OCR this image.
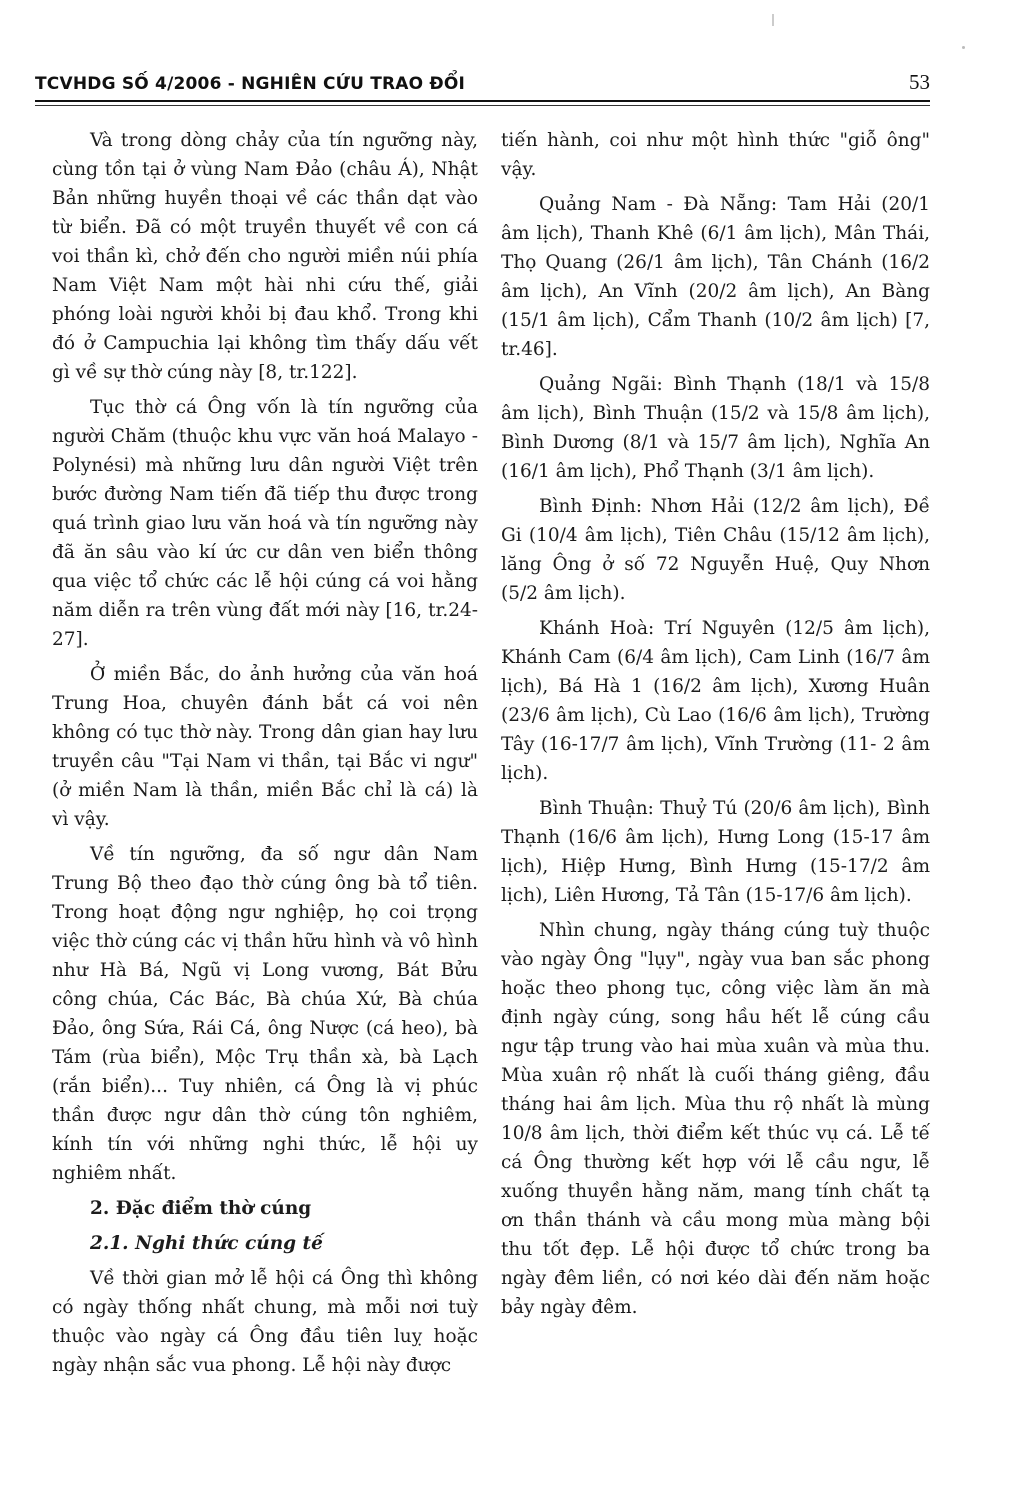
TCVHDG SỐ 4/2006 - NGHIÊN CỨU TRAO ĐỔI	53

Và trong dòng chảy của tín ngưỡng này, cùng tồn tại ở vùng Nam Đảo (châu Á), Nhật Bản những huyền thoại về các thần dạt vào từ biển. Đã có một truyền thuyết về con cá voi thần kì, chở đến cho người miền núi phía Nam Việt Nam một hài nhi cứu thế, giải phóng loài người khỏi bị đau khổ. Trong khi đó ở Campuchia lại không tìm thấy dấu vết gì về sự thờ cúng này [8, tr.122].

Tục thờ cá Ông vốn là tín ngưỡng của người Chăm (thuộc khu vực văn hoá Malayo - Polynési) mà những lưu dân người Việt trên bước đường Nam tiến đã tiếp thu được trong quá trình giao lưu văn hoá và tín ngưỡng này đã ăn sâu vào kí ức cư dân ven biển thông qua việc tổ chức các lễ hội cúng cá voi hằng năm diễn ra trên vùng đất mới này [16, tr.24-27].

Ở miền Bắc, do ảnh hưởng của văn hoá Trung Hoa, chuyên đánh bắt cá voi nên không có tục thờ này. Trong dân gian hay lưu truyền câu "Tại Nam vi thần, tại Bắc vi ngư" (ở miền Nam là thần, miền Bắc chỉ là cá) là vì vậy.

Về tín ngưỡng, đa số ngư dân Nam Trung Bộ theo đạo thờ cúng ông bà tổ tiên. Trong hoạt động ngư nghiệp, họ coi trọng việc thờ cúng các vị thần hữu hình và vô hình như Hà Bá, Ngũ vị Long vương, Bát Bửu công chúa, Các Bác, Bà chúa Xứ, Bà chúa Đảo, ông Sứa, Rái Cá, ông Nược (cá heo), bà Tám (rùa biển), Mộc Trụ thần xà, bà Lạch (rắn biển)... Tuy nhiên, cá Ông là vị phúc thần được ngư dân thờ cúng tôn nghiêm, kính tín với những nghi thức, lễ hội uy nghiêm nhất.

2. Đặc điểm thờ cúng

2.1. Nghi thức cúng tế

Về thời gian mở lễ hội cá Ông thì không có ngày thống nhất chung, mà mỗi nơi tuỳ thuộc vào ngày cá Ông đầu tiên luỵ hoặc ngày nhận sắc vua phong. Lễ hội này được

tiến hành, coi như một hình thức "giỗ ông" vậy.

Quảng Nam - Đà Nẵng: Tam Hải (20/1 âm lịch), Thanh Khê (6/1 âm lịch), Mân Thái, Thọ Quang (26/1 âm lịch), Tân Chánh (16/2 âm lịch), An Vĩnh (20/2 âm lịch), An Bàng (15/1 âm lịch), Cẩm Thanh (10/2 âm lịch) [7, tr.46].

Quảng Ngãi: Bình Thạnh (18/1 và 15/8 âm lịch), Bình Thuận (15/2 và 15/8 âm lịch), Bình Dương (8/1 và 15/7 âm lịch), Nghĩa An (16/1 âm lịch), Phổ Thạnh (3/1 âm lịch).

Bình Định: Nhơn Hải (12/2 âm lịch), Đề Gi (10/4 âm lịch), Tiên Châu (15/12 âm lịch), lăng Ông ở số 72 Nguyễn Huệ, Quy Nhơn (5/2 âm lịch).

Khánh Hoà: Trí Nguyên (12/5 âm lịch), Khánh Cam (6/4 âm lịch), Cam Linh (16/7 âm lịch), Bá Hà 1 (16/2 âm lịch), Xương Huân (23/6 âm lịch), Cù Lao (16/6 âm lịch), Trường Tây (16-17/7 âm lịch), Vĩnh Trường (11- 2 âm lịch).

Bình Thuận: Thuỷ Tú (20/6 âm lịch), Bình Thạnh (16/6 âm lịch), Hưng Long (15-17 âm lịch), Hiệp Hưng, Bình Hưng (15-17/2 âm lịch), Liên Hương, Tả Tân (15-17/6 âm lịch).

Nhìn chung, ngày tháng cúng tuỳ thuộc vào ngày Ông "lụy", ngày vua ban sắc phong hoặc theo phong tục, công việc làm ăn mà định ngày cúng, song hầu hết lễ cúng cầu ngư tập trung vào hai mùa xuân và mùa thu. Mùa xuân rộ nhất là cuối tháng giêng, đầu tháng hai âm lịch. Mùa thu rộ nhất là mùng 10/8 âm lịch, thời điểm kết thúc vụ cá. Lễ tế cá Ông thường kết hợp với lễ cầu ngư, lễ xuống thuyền hằng năm, mang tính chất tạ ơn thần thánh và cầu mong mùa màng bội thu tốt đẹp. Lễ hội được tổ chức trong ba ngày đêm liền, có nơi kéo dài đến năm hoặc bảy ngày đêm.
